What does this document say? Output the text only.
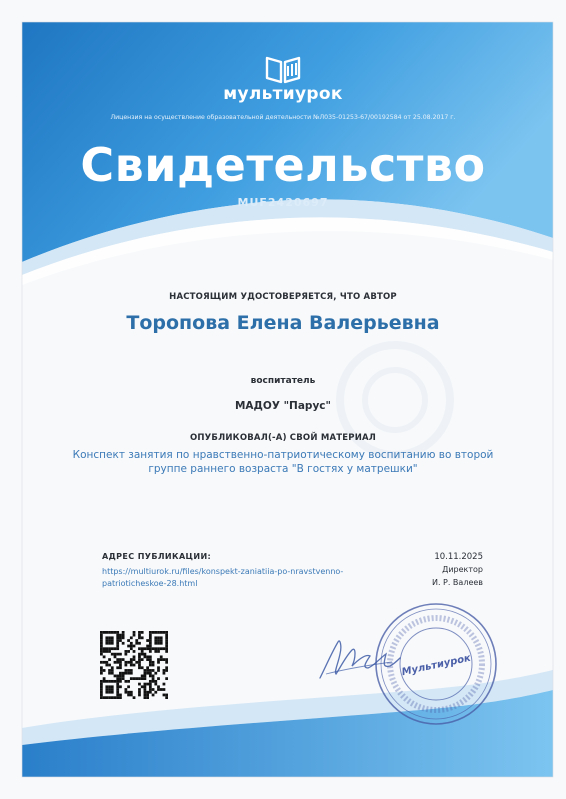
мультиурок
Лицензия на осуществление образовательной деятельности №Л035-01253-67/00192584 от 25.08.2017 г.
Свидетельство
MUF2420697
НАСТОЯЩИМ УДОСТОВЕРЯЕТСЯ, ЧТО АВТОР
Торопова Елена Валерьевна
воспитатель
МАДОУ "Парус"
ОПУБЛИКОВАЛ(-А) СВОЙ МАТЕРИАЛ
Конспект занятия по нравственно-патриотическому воспитанию во второй группе раннего возраста "В гостях у матрешки"
АДРЕС ПУБЛИКАЦИИ:
https://multiurok.ru/files/konspekt-zaniatiia-po-nravstvenno-patrioticheskoe-28.html
10.11.2025
Директор
И. Р. Валеев
Мультиурок
